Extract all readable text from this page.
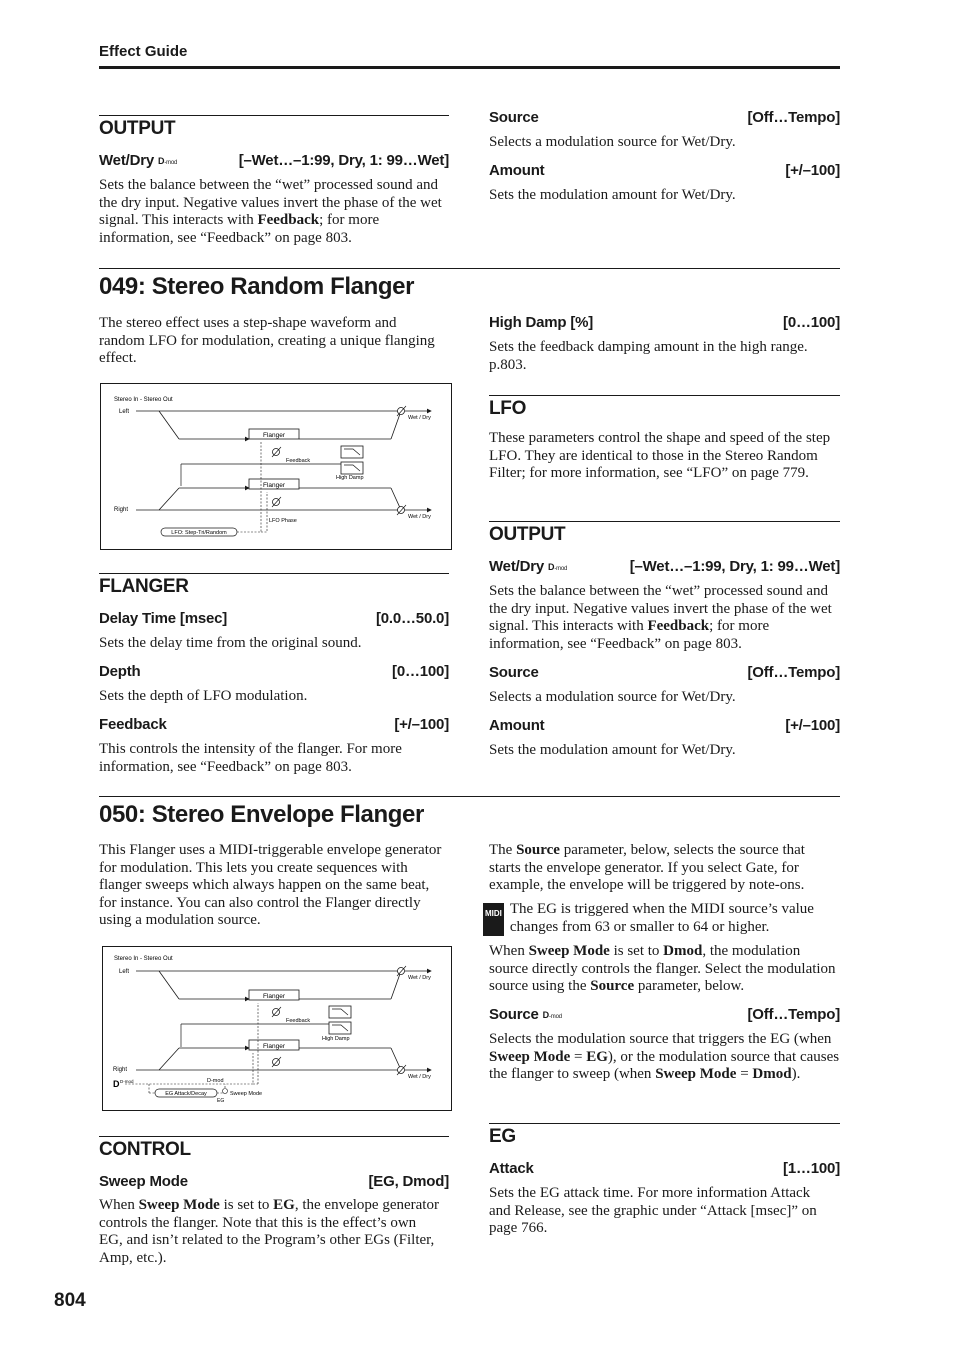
Effect Guide
OUTPUT
Wet/Dry D-mod	[–Wet…–1:99, Dry, 1: 99…Wet]
Sets the balance between the “wet” processed sound and the dry input. Negative values invert the phase of the wet signal. This interacts with Feedback; for more information, see “Feedback” on page 803.
Source	[Off…Tempo]
Selects a modulation source for Wet/Dry.
Amount	[+/–100]
Sets the modulation amount for Wet/Dry.
049: Stereo Random Flanger
The stereo effect uses a step-shape waveform and random LFO for modulation, creating a unique flanging effect.
Stereo In - Stereo Out
Left
Right
Flanger
Wet / Dry
Feedback
High Damp
Flanger
Wet / Dry
LFO: Step-Tri/Random
LFO Phase
FLANGER
Delay Time [msec]	[0.0…50.0]
Sets the delay time from the original sound.
Depth	[0…100]
Sets the depth of LFO modulation.
Feedback	[+/–100]
This controls the intensity of the flanger. For more information, see “Feedback” on page 803.
High Damp [%]	[0…100]
Sets the feedback damping amount in the high range. p.803.
LFO
These parameters control the shape and speed of the step LFO. They are identical to those in the Stereo Random Filter; for more information, see “LFO” on page 779.
OUTPUT
Wet/Dry D-mod	[–Wet…–1:99, Dry, 1: 99…Wet]
Sets the balance between the “wet” processed sound and the dry input. Negative values invert the phase of the wet signal. This interacts with Feedback; for more information, see “Feedback” on page 803.
Source	[Off…Tempo]
Selects a modulation source for Wet/Dry.
Amount	[+/–100]
Sets the modulation amount for Wet/Dry.
050: Stereo Envelope Flanger
This Flanger uses a MIDI-triggerable envelope generator for modulation. This lets you create sequences with flanger sweeps which always happen on the same beat, for instance. You can also control the Flanger directly using a modulation source.
Stereo In - Stereo Out
Left
Right
Flanger
Wet / Dry
Feedback
High Damp
Flanger
Wet / Dry
D D-mod	D-mod
EG Attack/Decay
EG
Sweep Mode
CONTROL
Sweep Mode	[EG, Dmod]
When Sweep Mode is set to EG, the envelope generator controls the flanger. Note that this is the effect’s own EG, and isn’t related to the Program’s other EGs (Filter, Amp, etc.).
The Source parameter, below, selects the source that starts the envelope generator. If you select Gate, for example, the envelope will be triggered by note-ons.
MIDI The EG is triggered when the MIDI source’s value changes from 63 or smaller to 64 or higher.
When Sweep Mode is set to Dmod, the modulation source directly controls the flanger. Select the modulation source using the Source parameter, below.
Source D-mod	[Off…Tempo]
Selects the modulation source that triggers the EG (when Sweep Mode = EG), or the modulation source that causes the flanger to sweep (when Sweep Mode = Dmod).
EG
Attack	[1…100]
Sets the EG attack time. For more information Attack and Release, see the graphic under “Attack [msec]” on page 766.
804
